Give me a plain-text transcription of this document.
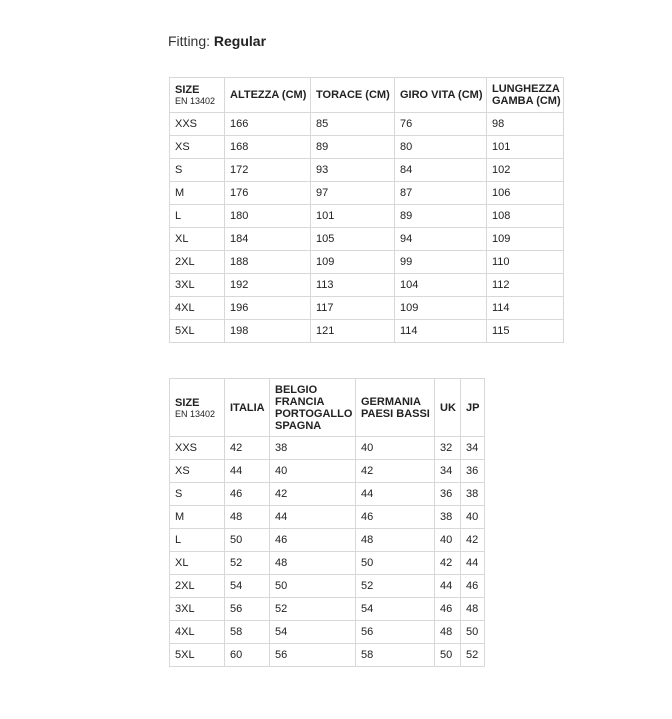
Fitting: Regular
SIZE
EN 13402	ALTEZZA (CM)	TORACE (CM)	GIRO VITA (CM)	LUNGHEZZA GAMBA (CM)
XXS	166	85	76	98
XS	168	89	80	101
S	172	93	84	102
M	176	97	87	106
L	180	101	89	108
XL	184	105	94	109
2XL	188	109	99	110
3XL	192	113	104	112
4XL	196	117	109	114
5XL	198	121	114	115
SIZE
EN 13402	ITALIA	BELGIO FRANCIA PORTOGALLO SPAGNA	GERMANIA PAESI BASSI	UK	JP
XXS	42	38	40	32	34
XS	44	40	42	34	36
S	46	42	44	36	38
M	48	44	46	38	40
L	50	46	48	40	42
XL	52	48	50	42	44
2XL	54	50	52	44	46
3XL	56	52	54	46	48
4XL	58	54	56	48	50
5XL	60	56	58	50	52
